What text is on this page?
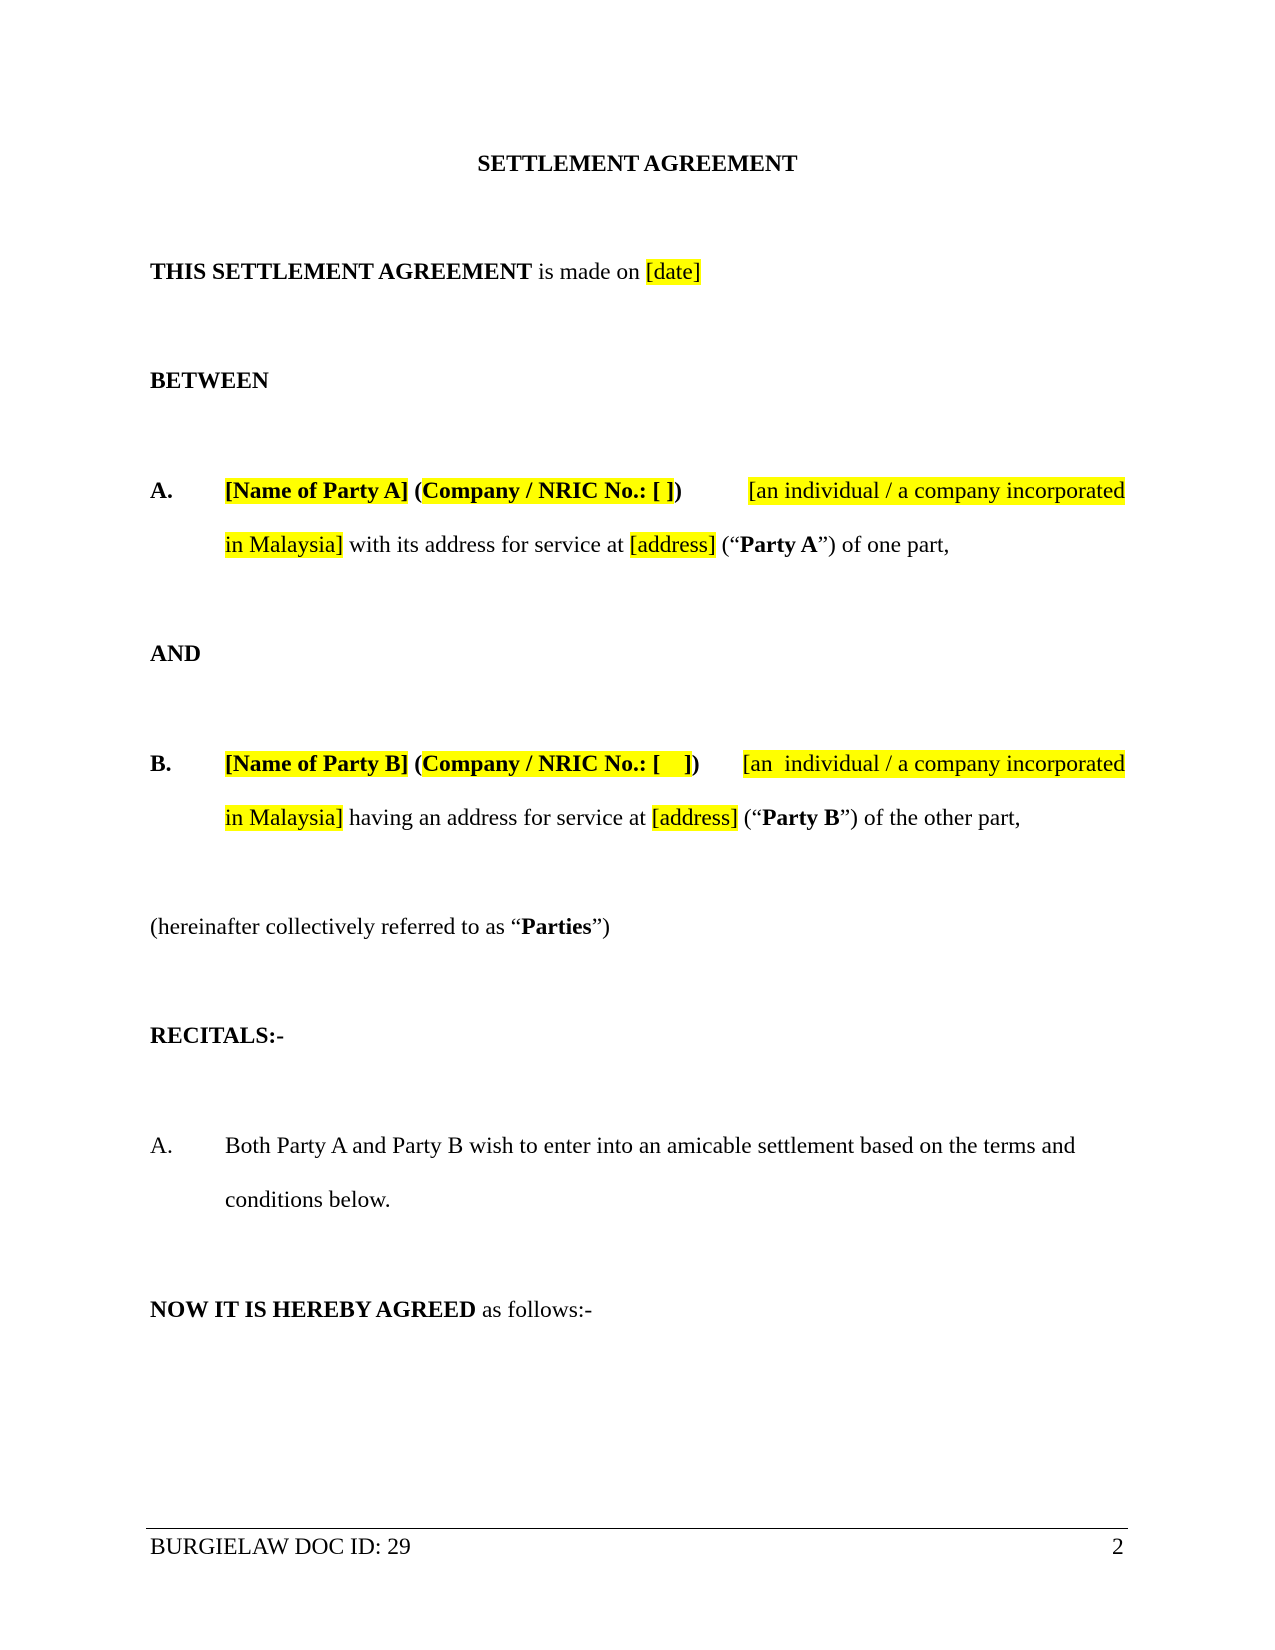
SETTLEMENT AGREEMENT
THIS SETTLEMENT AGREEMENT is made on [date]
BETWEEN
A. [Name of Party A] (Company / NRIC No.: [ ])	[an individual / a company incorporated
in Malaysia] with its address for service at [address] (“Party A”) of one part,
AND
B. [Name of Party B] (Company / NRIC No.: [    ]) [an  individual / a company incorporated
in Malaysia] having an address for service at [address] (“Party B”) of the other part,
(hereinafter collectively referred to as “Parties”)
RECITALS:-
A. Both Party A and Party B wish to enter into an amicable settlement based on the terms and
conditions below.
NOW IT IS HEREBY AGREED as follows:-
BURGIELAW DOC ID: 29	2
